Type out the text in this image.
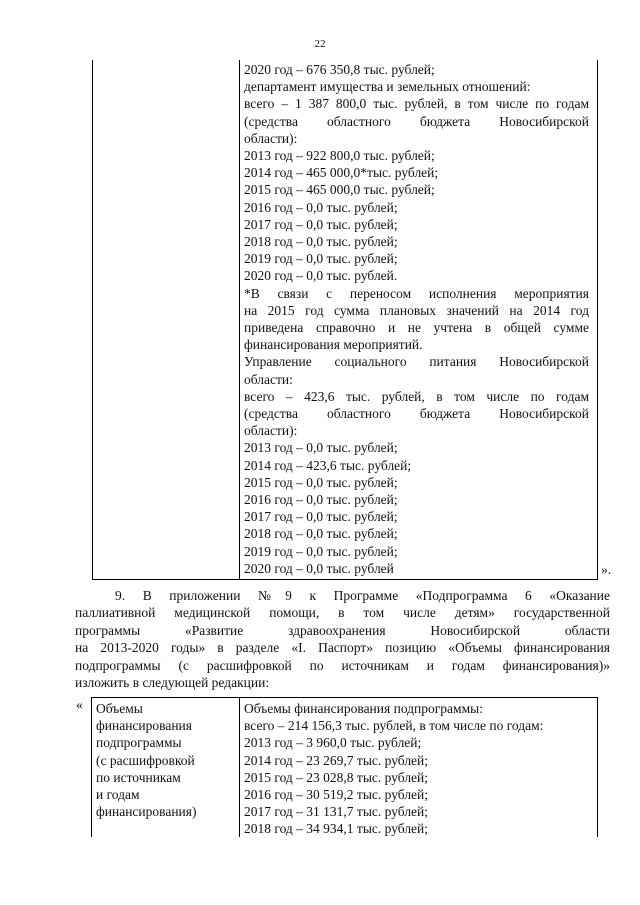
22
2020 год – 676 350,8 тыс. рублей;
департамент имущества и земельных отношений:
всего – 1 387 800,0 тыс. рублей, в том числе по годам
(средства областного бюджета Новосибирской
области):
2013 год – 922 800,0 тыс. рублей;
2014 год – 465 000,0*тыс. рублей;
2015 год – 465 000,0 тыс. рублей;
2016 год – 0,0 тыс. рублей;
2017 год – 0,0 тыс. рублей;
2018 год – 0,0 тыс. рублей;
2019 год – 0,0 тыс. рублей;
2020 год – 0,0 тыс. рублей.
*В связи с переносом исполнения мероприятия
на 2015 год сумма плановых значений на 2014 год
приведена справочно и не учтена в общей сумме
финансирования мероприятий.
Управление социального питания Новосибирской
области:
всего – 423,6 тыс. рублей, в том числе по годам
(средства областного бюджета Новосибирской
области):
2013 год – 0,0 тыс. рублей;
2014 год – 423,6 тыс. рублей;
2015 год – 0,0 тыс. рублей;
2016 год – 0,0 тыс. рублей;
2017 год – 0,0 тыс. рублей;
2018 год – 0,0 тыс. рублей;
2019 год – 0,0 тыс. рублей;
2020 год – 0,0 тыс. рублей	».
9. В приложении №9 к Программе «Подпрограмма 6 «Оказание
паллиативной медицинской помощи, в том числе детям» государственной
программы «Развитие здравоохранения Новосибирской области
на 2013-2020 годы» в разделе «I. Паспорт» позицию «Объемы финансирования
подпрограммы (с расшифровкой по источникам и годам финансирования)»
изложить в следующей редакции:
« Объемы
финансирования
подпрограммы
(с расшифровкой
по источникам
и годам
финансирования)
Объемы финансирования подпрограммы:
всего – 214 156,3 тыс. рублей, в том числе по годам:
2013 год – 3 960,0 тыс. рублей;
2014 год – 23 269,7 тыс. рублей;
2015 год – 23 028,8 тыс. рублей;
2016 год – 30 519,2 тыс. рублей;
2017 год – 31 131,7 тыс. рублей;
2018 год – 34 934,1 тыс. рублей;
